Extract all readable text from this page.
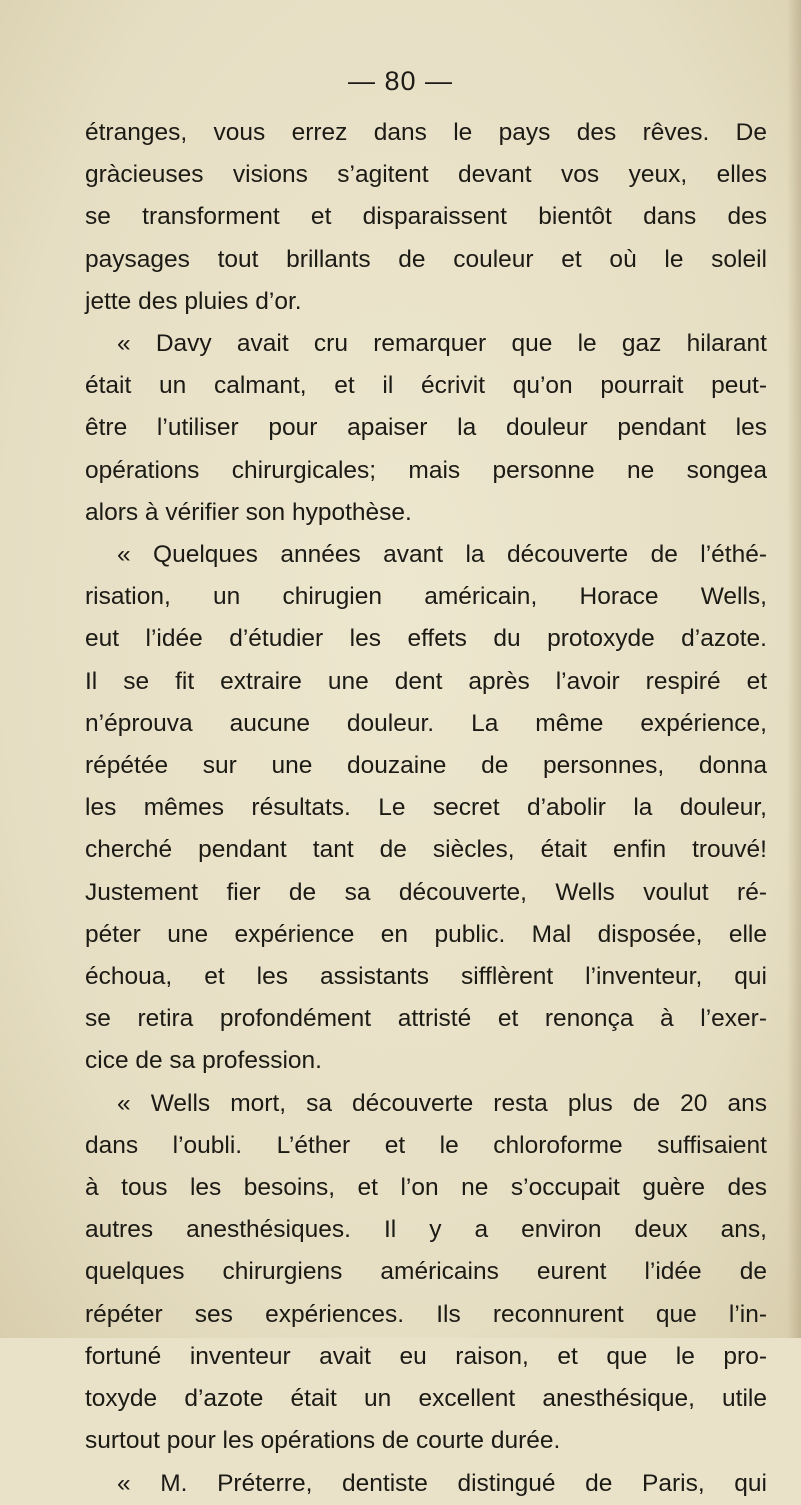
— 80 —
étranges, vous errez dans le pays des rêves. De
gràcieuses visions s’agitent devant vos yeux, elles
se transforment et disparaissent bientôt dans des
paysages tout brillants de couleur et où le soleil
jette des pluies d’or.
« Davy avait cru remarquer que le gaz hilarant
était un calmant, et il écrivit qu’on pourrait peut-
être l’utiliser pour apaiser la douleur pendant les
opérations chirurgicales; mais personne ne songea
alors à vérifier son hypothèse.
« Quelques années avant la découverte de l’éthé-
risation, un chirugien américain, Horace Wells,
eut l’idée d’étudier les effets du protoxyde d’azote.
Il se fit extraire une dent après l’avoir respiré et
n’éprouva aucune douleur. La même expérience,
répétée sur une douzaine de personnes, donna
les mêmes résultats. Le secret d’abolir la douleur,
cherché pendant tant de siècles, était enfin trouvé!
Justement fier de sa découverte, Wells voulut ré-
péter une expérience en public. Mal disposée, elle
échoua, et les assistants sifflèrent l’inventeur, qui
se retira profondément attristé et renonça à l’exer-
cice de sa profession.
« Wells mort, sa découverte resta plus de 20 ans
dans l’oubli. L’éther et le chloroforme suffisaient
à tous les besoins, et l’on ne s’occupait guère des
autres anesthésiques. Il y a environ deux ans,
quelques chirurgiens américains eurent l’idée de
répéter ses expériences. Ils reconnurent que l’in-
fortuné inventeur avait eu raison, et que le pro-
toxyde d’azote était un excellent anesthésique, utile
surtout pour les opérations de courte durée.
« M. Préterre, dentiste distingué de Paris, qui
